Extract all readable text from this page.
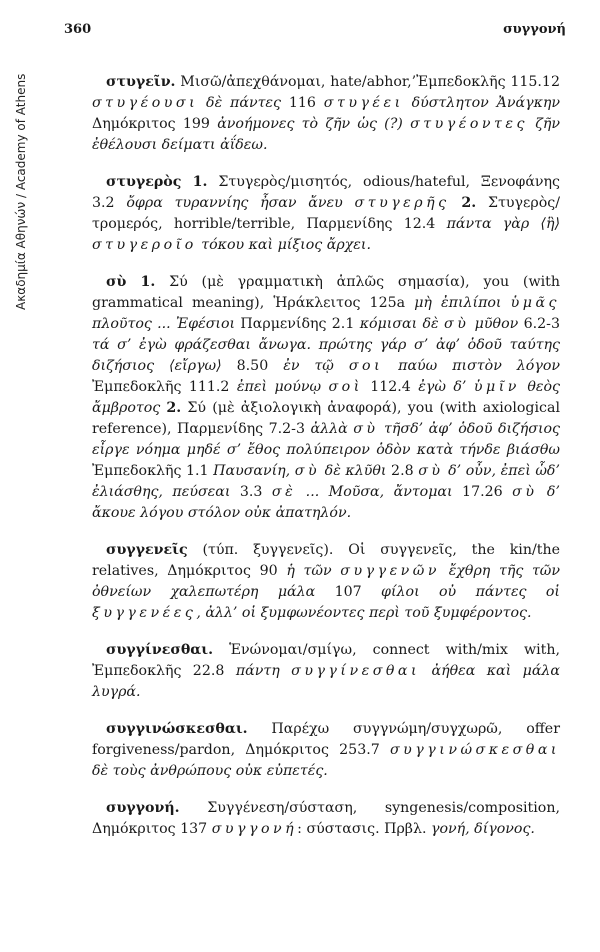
Ακαδημία Αθηνών / Academy of Athens
360	συγγονή

στυγεῖν. Μισῶ/ἀπεχθάνομαι, hate/abhor,’Ἐμπεδοκλῆς 115.12 στυγέουσι δὲ πάντες 116 στυγέει δύστλητον Ἀνάγκην Δημόκριτος 199 ἀνοήμονες τὸ ζῆν ὡς (?) στυγέοντες ζῆν ἐθέλουσι δείματι ἀΐδεω.

στυγερὸς 1. Στυγερὸς/μισητός, odious/hateful, Ξενοφάνης 3.2 ὄφρα τυραννίης ἦσαν ἄνευ στυγερῆς 2. Στυγερὸς/τρομερός, horrible/terrible, Παρμενίδης 12.4 πάντα γὰρ ⟨ἣ⟩ στυγεροῖο τόκου καὶ μίξιος ἄρχει.

σὺ 1. Σύ (μὲ γραμματικὴ ἁπλῶς σημασία), you (with grammatical meaning), Ἡράκλειτος 125a μὴ ἐπιλίποι ὑμᾶς πλοῦτος ... Ἐφέσιοι Παρμενίδης 2.1 κόμισαι δὲ σὺ μῦθον 6.2-3 τά σ’ ἐγὼ φράζεσθαι ἄνωγα. πρώτης γάρ σ’ ἀφ’ ὁδοῦ ταύτης διζήσιος ⟨εἴργω⟩ 8.50 ἐν τῷ σοι παύω πιστὸν λόγον Ἐμπεδοκλῆς 111.2 ἐπεὶ μούνῳ σοὶ 112.4 ἐγὼ δ’ ὑμῖν θεὸς ἄμβροτος 2. Σύ (μὲ ἀξιολογικὴ ἀναφορά), you (with axiological reference), Παρμενίδης 7.2-3 ἀλλὰ σὺ τῆσδ’ ἀφ’ ὁδοῦ διζήσιος εἶργε νόημα μηδέ σ’ ἔθος πολύπειρον ὁδὸν κατὰ τήνδε βιάσθω Ἐμπεδοκλῆς 1.1 Παυσανίη, σὺ δὲ κλῦθι 2.8 σὺ δ’ οὖν, ἐπεὶ ὧδ’ ἐλιάσθης, πεύσεαι 3.3 σὲ ... Μοῦσα, ἄντομαι 17.26 σὺ δ’ ἄκουε λόγου στόλον οὐκ ἀπατηλόν.

συγγενεῖς (τύπ. ξυγγενεῖς). Οἱ συγγενεῖς, the kin/the relatives, Δημόκριτος 90 ἡ τῶν συγγενῶν ἔχθρη τῆς τῶν ὀθνείων χαλεπωτέρη μάλα 107 φίλοι οὐ πάντες οἱ ξυγγενέες, ἀλλ’ οἱ ξυμφωνέοντες περὶ τοῦ ξυμφέροντος.

συγγίνεσθαι. Ἑνώνομαι/σμίγω, connect with/mix with, Ἐμπεδοκλῆς 22.8 πάντη συγγίνεσθαι ἀήθεα καὶ μάλα λυγρά.

συγγινώσκεσθαι. Παρέχω συγγνώμη/συγχωρῶ, offer forgiveness/pardon, Δημόκριτος 253.7 συγγινώσκεσθαι δὲ τοὺς ἀνθρώπους οὐκ εὐπετές.

συγγονή. Συγγένεση/σύσταση, syngenesis/composition, Δημόκριτος 137 συγγονή: σύστασις. Πρβλ. γονή, δίγονος.
